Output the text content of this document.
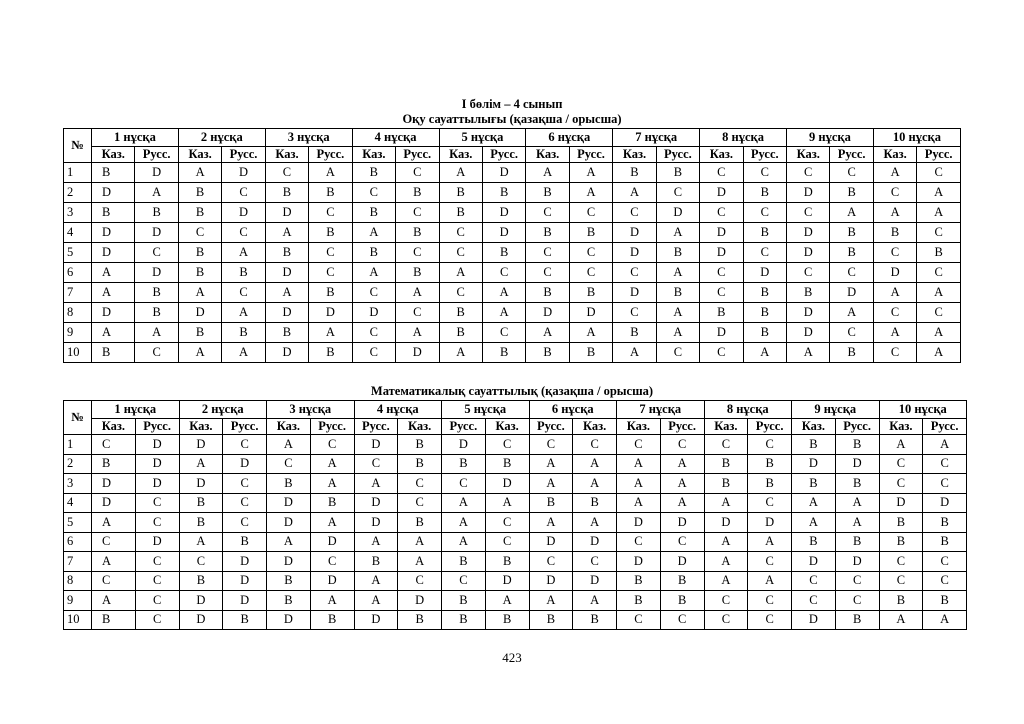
І бөлім – 4 сынып
Оқу сауаттылығы (қазақша / орысша)
№	1 нұсқа		2 нұсқа		3 нұсқа		4 нұсқа		5 нұсқа		6 нұсқа		7 нұсқа		8 нұсқа		9 нұсқа		10 нұсқа	
	Каз.	Русс.	Каз.	Русс.	Каз.	Русс.	Каз.	Русс.	Каз.	Русс.	Каз.	Русс.	Каз.	Русс.	Каз.	Русс.	Каз.	Русс.	Каз.	Русс.
1	B	D	A	D	C	A	B	C	A	D	A	A	B	B	C	C	C	C	A	C
2	D	A	B	C	B	B	C	B	B	B	B	A	A	C	D	B	D	B	C	A
3	B	B	B	D	D	C	B	C	B	D	C	C	C	D	C	C	C	A	A	A
4	D	D	C	C	A	B	A	B	C	D	B	B	D	A	D	B	D	B	B	C
5	D	C	B	A	B	C	B	C	C	B	C	C	D	B	D	C	D	B	C	B
6	A	D	B	B	D	C	A	B	A	C	C	C	C	A	C	D	C	C	D	C
7	A	B	A	C	A	B	C	A	C	A	B	B	D	B	C	B	B	D	A	A
8	D	B	D	A	D	D	D	C	B	A	D	D	C	A	B	B	D	A	C	C
9	A	A	B	B	B	A	C	A	B	C	A	A	B	A	D	B	D	C	A	A
10	B	C	A	A	D	B	C	D	A	B	B	B	A	C	C	A	A	B	C	A
Математикалық сауаттылық (қазақша / орысша)
№	1 нұсқа		2 нұсқа		3 нұсқа		4 нұсқа		5 нұсқа		6 нұсқа		7 нұсқа		8 нұсқа		9 нұсқа		10 нұсқа	
	Каз.	Русс.	Каз.	Русс.	Каз.	Русс.	Русс.	Каз.	Русс.	Каз.	Русс.	Каз.	Каз.	Русс.	Каз.	Русс.	Каз.	Русс.	Каз.	Русс.
1	C	D	D	C	A	C	D	B	D	C	C	C	C	C	C	C	B	B	A	A
2	B	D	A	D	C	A	C	B	B	B	A	A	A	A	B	B	D	D	C	C
3	D	D	D	C	B	A	A	C	C	D	A	A	A	A	B	B	B	B	C	C
4	D	C	B	C	D	B	D	C	A	A	B	B	A	A	A	C	A	A	D	D
5	A	C	B	C	D	A	D	B	A	C	A	A	D	D	D	D	A	A	B	B
6	C	D	A	B	A	D	A	A	A	C	D	D	C	C	A	A	B	B	B	B
7	A	C	C	D	D	C	B	A	B	B	C	C	D	D	A	C	D	D	C	C
8	C	C	B	D	B	D	A	C	C	D	D	D	B	B	A	A	C	C	C	C
9	A	C	D	D	B	A	A	D	B	A	A	A	B	B	C	C	C	C	B	B
10	B	C	D	B	D	B	D	B	B	B	B	B	C	C	C	C	D	B	A	A
423
